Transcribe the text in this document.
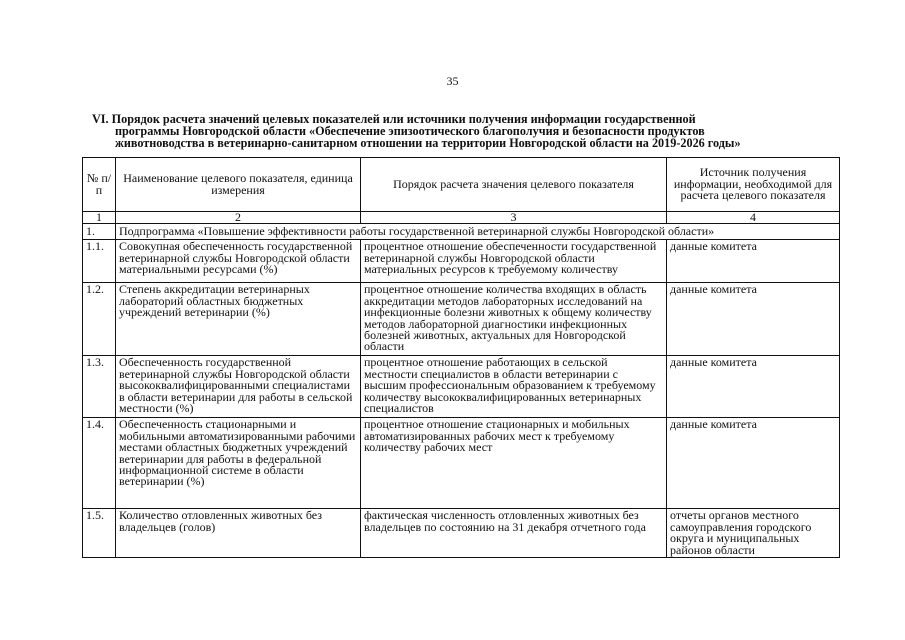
35
VI. Порядок расчета значений целевых показателей или источники получения информации государственной
программы Новгородской области «Обеспечение эпизоотического благополучия и безопасности продуктов
животноводства в ветеринарно-санитарном отношении на территории Новгородской области на 2019-2026 годы»
№ п/п	Наименование целевого показателя, единица измерения	Порядок расчета значения целевого показателя	Источник получения информации, необходимой для расчета целевого показателя
1	2	3	4
1.	Подпрограмма «Повышение эффективности работы государственной ветеринарной службы Новгородской области»		
1.1.	Совокупная обеспеченность государственной ветеринарной службы Новгородской области материальными ресурсами (%)	процентное отношение обеспеченности государственной ветеринарной службы Новгородской области материальных ресурсов к требуемому количеству	данные комитета
1.2.	Степень аккредитации ветеринарных лабораторий областных бюджетных учреждений ветеринарии (%)	процентное отношение количества входящих в область аккредитации методов лабораторных исследований на инфекционные болезни животных к общему количеству методов лабораторной диагностики инфекционных болезней животных, актуальных для Новгородской области	данные комитета
1.3.	Обеспеченность государственной ветеринарной службы Новгородской области высококвалифицированными специалистами в области ветеринарии для работы в сельской местности (%)	процентное отношение работающих в сельской местности специалистов в области ветеринарии с высшим профессиональным образованием к требуемому количеству высококвалифицированных ветеринарных специалистов	данные комитета
1.4.	Обеспеченность стационарными и мобильными автоматизированными рабочими местами областных бюджетных учреждений ветеринарии для работы в федеральной информационной системе в области ветеринарии (%)	процентное отношение стационарных и мобильных автоматизированных рабочих мест к требуемому количеству рабочих мест	данные комитета
1.5.	Количество отловленных животных без владельцев (голов)	фактическая численность отловленных животных без владельцев по состоянию на 31 декабря отчетного года	отчеты органов местного самоуправления городского округа и муниципальных районов области
